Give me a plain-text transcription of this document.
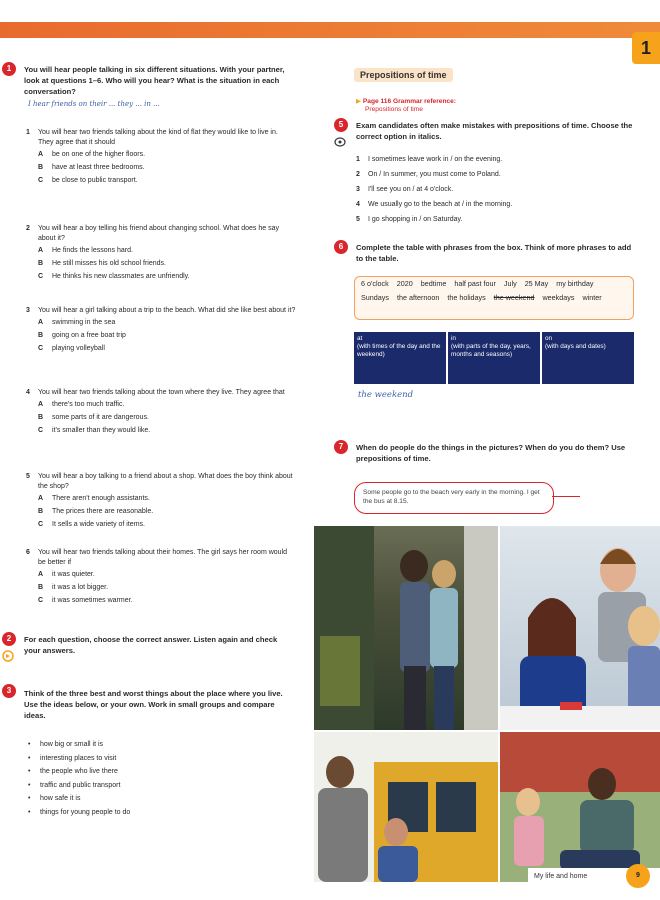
1
1	You will hear people talking in six different situations. With your partner, look at questions 1–6. Who will you hear? What is the situation in each conversation?
I hear friends on their ... they ... in ...
1 You will hear two friends talking about the kind of flat they would like to live in.
They agree that it should
A be on one of the higher floors.
B have at least three bedrooms.
C be close to public transport.
2 You will hear a boy telling his friend about changing school. What does he say about it?
A He finds the lessons hard.
B He still misses his old school friends.
C He thinks his new classmates are unfriendly.
3 You will hear a girl talking about a trip to the beach. What did she like best about it?
A swimming in the sea
B going on a free boat trip
C playing volleyball
4 You will hear two friends talking about the town where they live. They agree that
A there's too much traffic.
B some parts of it are dangerous.
C it's smaller than they would like.
5 You will hear a boy talking to a friend about a shop. What does the boy think about the shop?
A There aren't enough assistants.
B The prices there are reasonable.
C It sells a wide variety of items.
6 You will hear two friends talking about their homes. The girl says her room would be better if
A it was quieter.
B it was a lot bigger.
C it was sometimes warmer.
2	For each question, choose the correct answer. Listen again and check your answers.
3	Think of the three best and worst things about the place where you live. Use the ideas below, or your own. Work in small groups and compare ideas.
• how big or small it is
• interesting places to visit
• the people who live there
• traffic and public transport
• how safe it is
• things for young people to do
Prepositions of time
▶ Page 116 Grammar reference:
Prepositions of time
5	Exam candidates often make mistakes with prepositions of time. Choose the correct option in italics.
1 I sometimes leave work in / on the evening.
2 On / In summer, you must come to Poland.
3 I'll see you on / at 4 o'clock.
4 We usually go to the beach at / in the morning.
5 I go shopping in / on Saturday.
6	Complete the table with phrases from the box. Think of more phrases to add to the table.
6 o'clock 2020 bedtime half past four July 25 May my birthdaySundays the afternoon the holidays the weekend weekdays winter
at
(with times of the day and the weekend)
in
(with parts of the day, years, months and seasons)
on
(with days and dates)
the weekend
7	When do people do the things in the pictures? When do you do them? Use prepositions of time.
Some people go to the beach very early in the morning. I get the bus at 8.15.
My life and home	9
